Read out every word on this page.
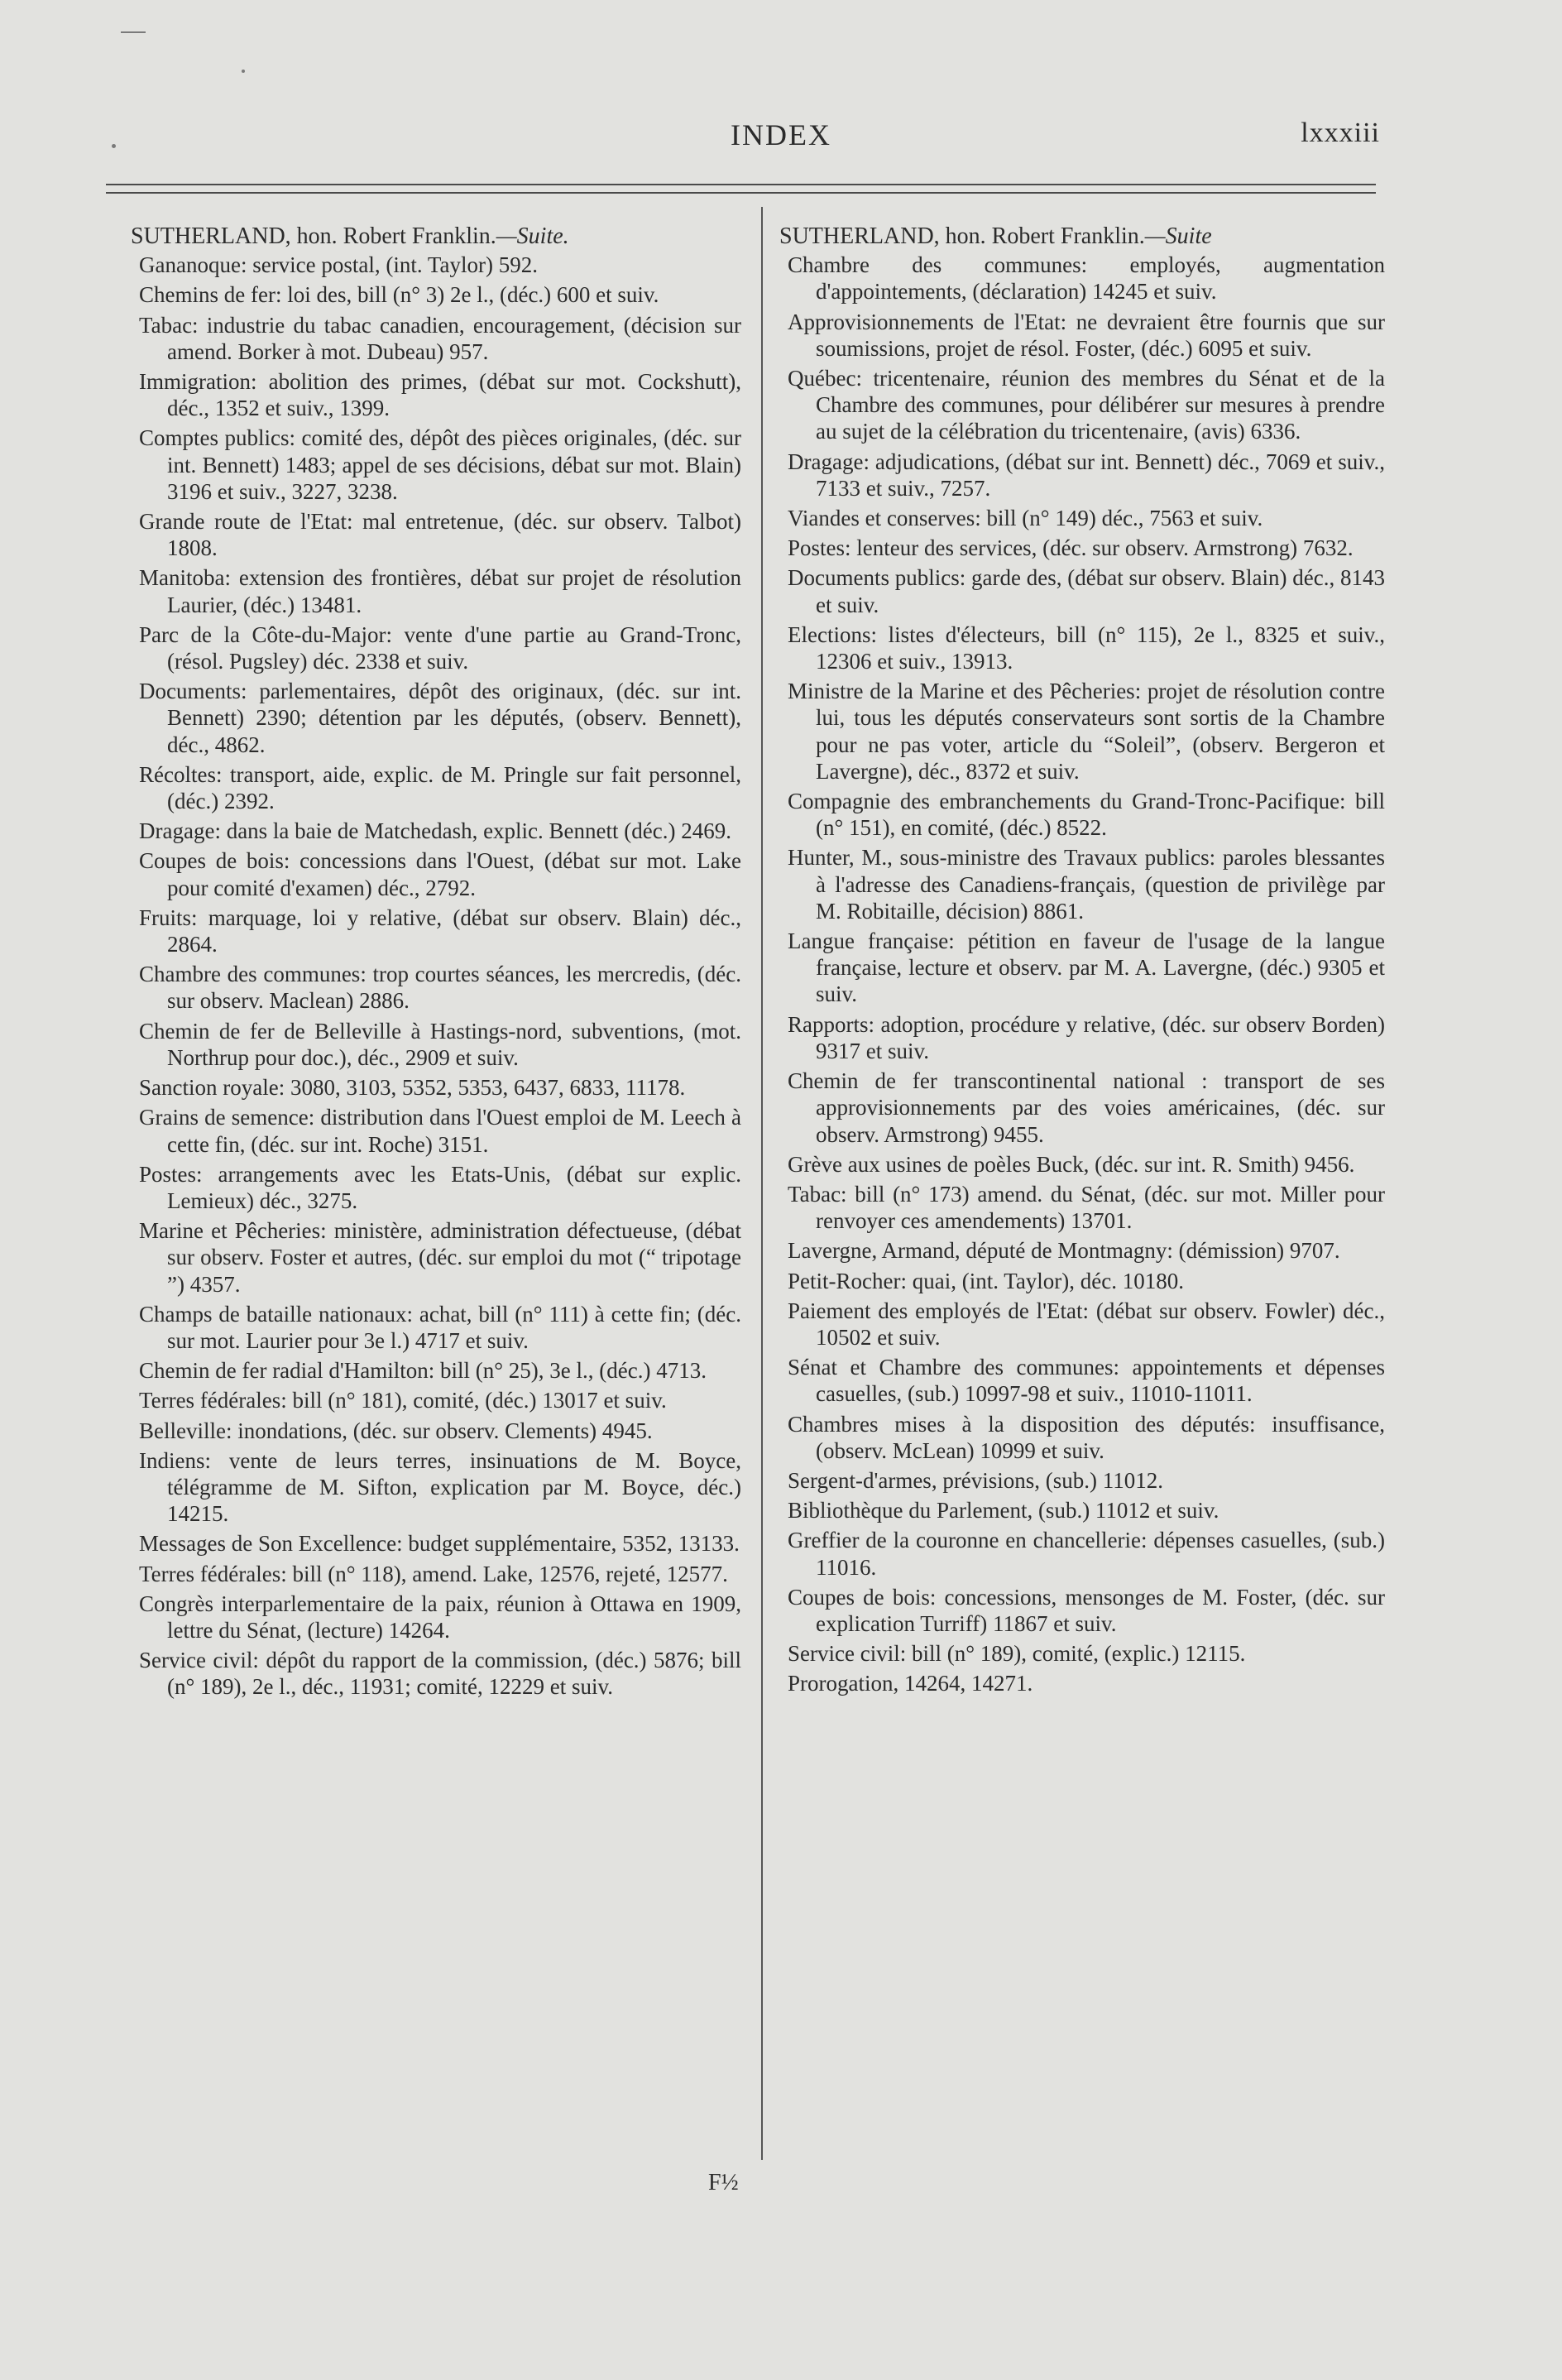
INDEX	lxxxiii
SUTHERLAND, hon. Robert Franklin.—Suite.
Gananoque: service postal, (int. Taylor) 592.
Chemins de fer: loi des, bill (n° 3) 2e l., (déc.) 600 et suiv.
Tabac: industrie du tabac canadien, encouragement, (décision sur amend. Borker à mot. Dubeau) 957.
Immigration: abolition des primes, (débat sur mot. Cockshutt), déc., 1352 et suiv., 1399.
Comptes publics: comité des, dépôt des pièces originales, (déc. sur int. Bennett) 1483; appel de ses décisions, débat sur mot. Blain) 3196 et suiv., 3227, 3238.
Grande route de l'Etat: mal entretenue, (déc. sur observ. Talbot) 1808.
Manitoba: extension des frontières, débat sur projet de résolution Laurier, (déc.) 13481.
Parc de la Côte-du-Major: vente d'une partie au Grand-Tronc, (résol. Pugsley) déc. 2338 et suiv.
Documents: parlementaires, dépôt des originaux, (déc. sur int. Bennett) 2390; détention par les députés, (observ. Bennett), déc., 4862.
Récoltes: transport, aide, explic. de M. Pringle sur fait personnel, (déc.) 2392.
Dragage: dans la baie de Matchedash, explic. Bennett (déc.) 2469.
Coupes de bois: concessions dans l'Ouest, (débat sur mot. Lake pour comité d'examen) déc., 2792.
Fruits: marquage, loi y relative, (débat sur observ. Blain) déc., 2864.
Chambre des communes: trop courtes séances, les mercredis, (déc. sur observ. Maclean) 2886.
Chemin de fer de Belleville à Hastings-nord, subventions, (mot. Northrup pour doc.), déc., 2909 et suiv.
Sanction royale: 3080, 3103, 5352, 5353, 6437, 6833, 11178.
Grains de semence: distribution dans l'Ouest emploi de M. Leech à cette fin, (déc. sur int. Roche) 3151.
Postes: arrangements avec les Etats-Unis, (débat sur explic. Lemieux) déc., 3275.
Marine et Pêcheries: ministère, administration défectueuse, (débat sur observ. Foster et autres, (déc. sur emploi du mot (“ tripotage ”) 4357.
Champs de bataille nationaux: achat, bill (n° 111) à cette fin; (déc. sur mot. Laurier pour 3e l.) 4717 et suiv.
Chemin de fer radial d'Hamilton: bill (n° 25), 3e l., (déc.) 4713.
Terres fédérales: bill (n° 181), comité, (déc.) 13017 et suiv.
Belleville: inondations, (déc. sur observ. Clements) 4945.
Indiens: vente de leurs terres, insinuations de M. Boyce, télégramme de M. Sifton, explication par M. Boyce, déc.) 14215.
Messages de Son Excellence: budget supplémentaire, 5352, 13133.
Terres fédérales: bill (n° 118), amend. Lake, 12576, rejeté, 12577.
Congrès interparlementaire de la paix, réunion à Ottawa en 1909, lettre du Sénat, (lecture) 14264.
Service civil: dépôt du rapport de la commission, (déc.) 5876; bill (n° 189), 2e l., déc., 11931; comité, 12229 et suiv.
SUTHERLAND, hon. Robert Franklin.—Suite
Chambre des communes: employés, augmentation d'appointements, (déclaration) 14245 et suiv.
Approvisionnements de l'Etat: ne devraient être fournis que sur soumissions, projet de résol. Foster, (déc.) 6095 et suiv.
Québec: tricentenaire, réunion des membres du Sénat et de la Chambre des communes, pour délibérer sur mesures à prendre au sujet de la célébration du tricentenaire, (avis) 6336.
Dragage: adjudications, (débat sur int. Bennett) déc., 7069 et suiv., 7133 et suiv., 7257.
Viandes et conserves: bill (n° 149) déc., 7563 et suiv.
Postes: lenteur des services, (déc. sur observ. Armstrong) 7632.
Documents publics: garde des, (débat sur observ. Blain) déc., 8143 et suiv.
Elections: listes d'électeurs, bill (n° 115), 2e l., 8325 et suiv., 12306 et suiv., 13913.
Ministre de la Marine et des Pêcheries: projet de résolution contre lui, tous les députés conservateurs sont sortis de la Chambre pour ne pas voter, article du “Soleil”, (observ. Bergeron et Lavergne), déc., 8372 et suiv.
Compagnie des embranchements du Grand-Tronc-Pacifique: bill (n° 151), en comité, (déc.) 8522.
Hunter, M., sous-ministre des Travaux publics: paroles blessantes à l'adresse des Canadiens-français, (question de privilège par M. Robitaille, décision) 8861.
Langue française: pétition en faveur de l'usage de la langue française, lecture et observ. par M. A. Lavergne, (déc.) 9305 et suiv.
Rapports: adoption, procédure y relative, (déc. sur observ Borden) 9317 et suiv.
Chemin de fer transcontinental national : transport de ses approvisionnements par des voies américaines, (déc. sur observ. Armstrong) 9455.
Grève aux usines de poèles Buck, (déc. sur int. R. Smith) 9456.
Tabac: bill (n° 173) amend. du Sénat, (déc. sur mot. Miller pour renvoyer ces amendements) 13701.
Lavergne, Armand, député de Montmagny: (démission) 9707.
Petit-Rocher: quai, (int. Taylor), déc. 10180.
Paiement des employés de l'Etat: (débat sur observ. Fowler) déc., 10502 et suiv.
Sénat et Chambre des communes: appointements et dépenses casuelles, (sub.) 10997-98 et suiv., 11010-11011.
Chambres mises à la disposition des députés: insuffisance, (observ. McLean) 10999 et suiv.
Sergent-d'armes, prévisions, (sub.) 11012.
Bibliothèque du Parlement, (sub.) 11012 et suiv.
Greffier de la couronne en chancellerie: dépenses casuelles, (sub.) 11016.
Coupes de bois: concessions, mensonges de M. Foster, (déc. sur explication Turriff) 11867 et suiv.
Service civil: bill (n° 189), comité, (explic.) 12115.
Prorogation, 14264, 14271.
F½
